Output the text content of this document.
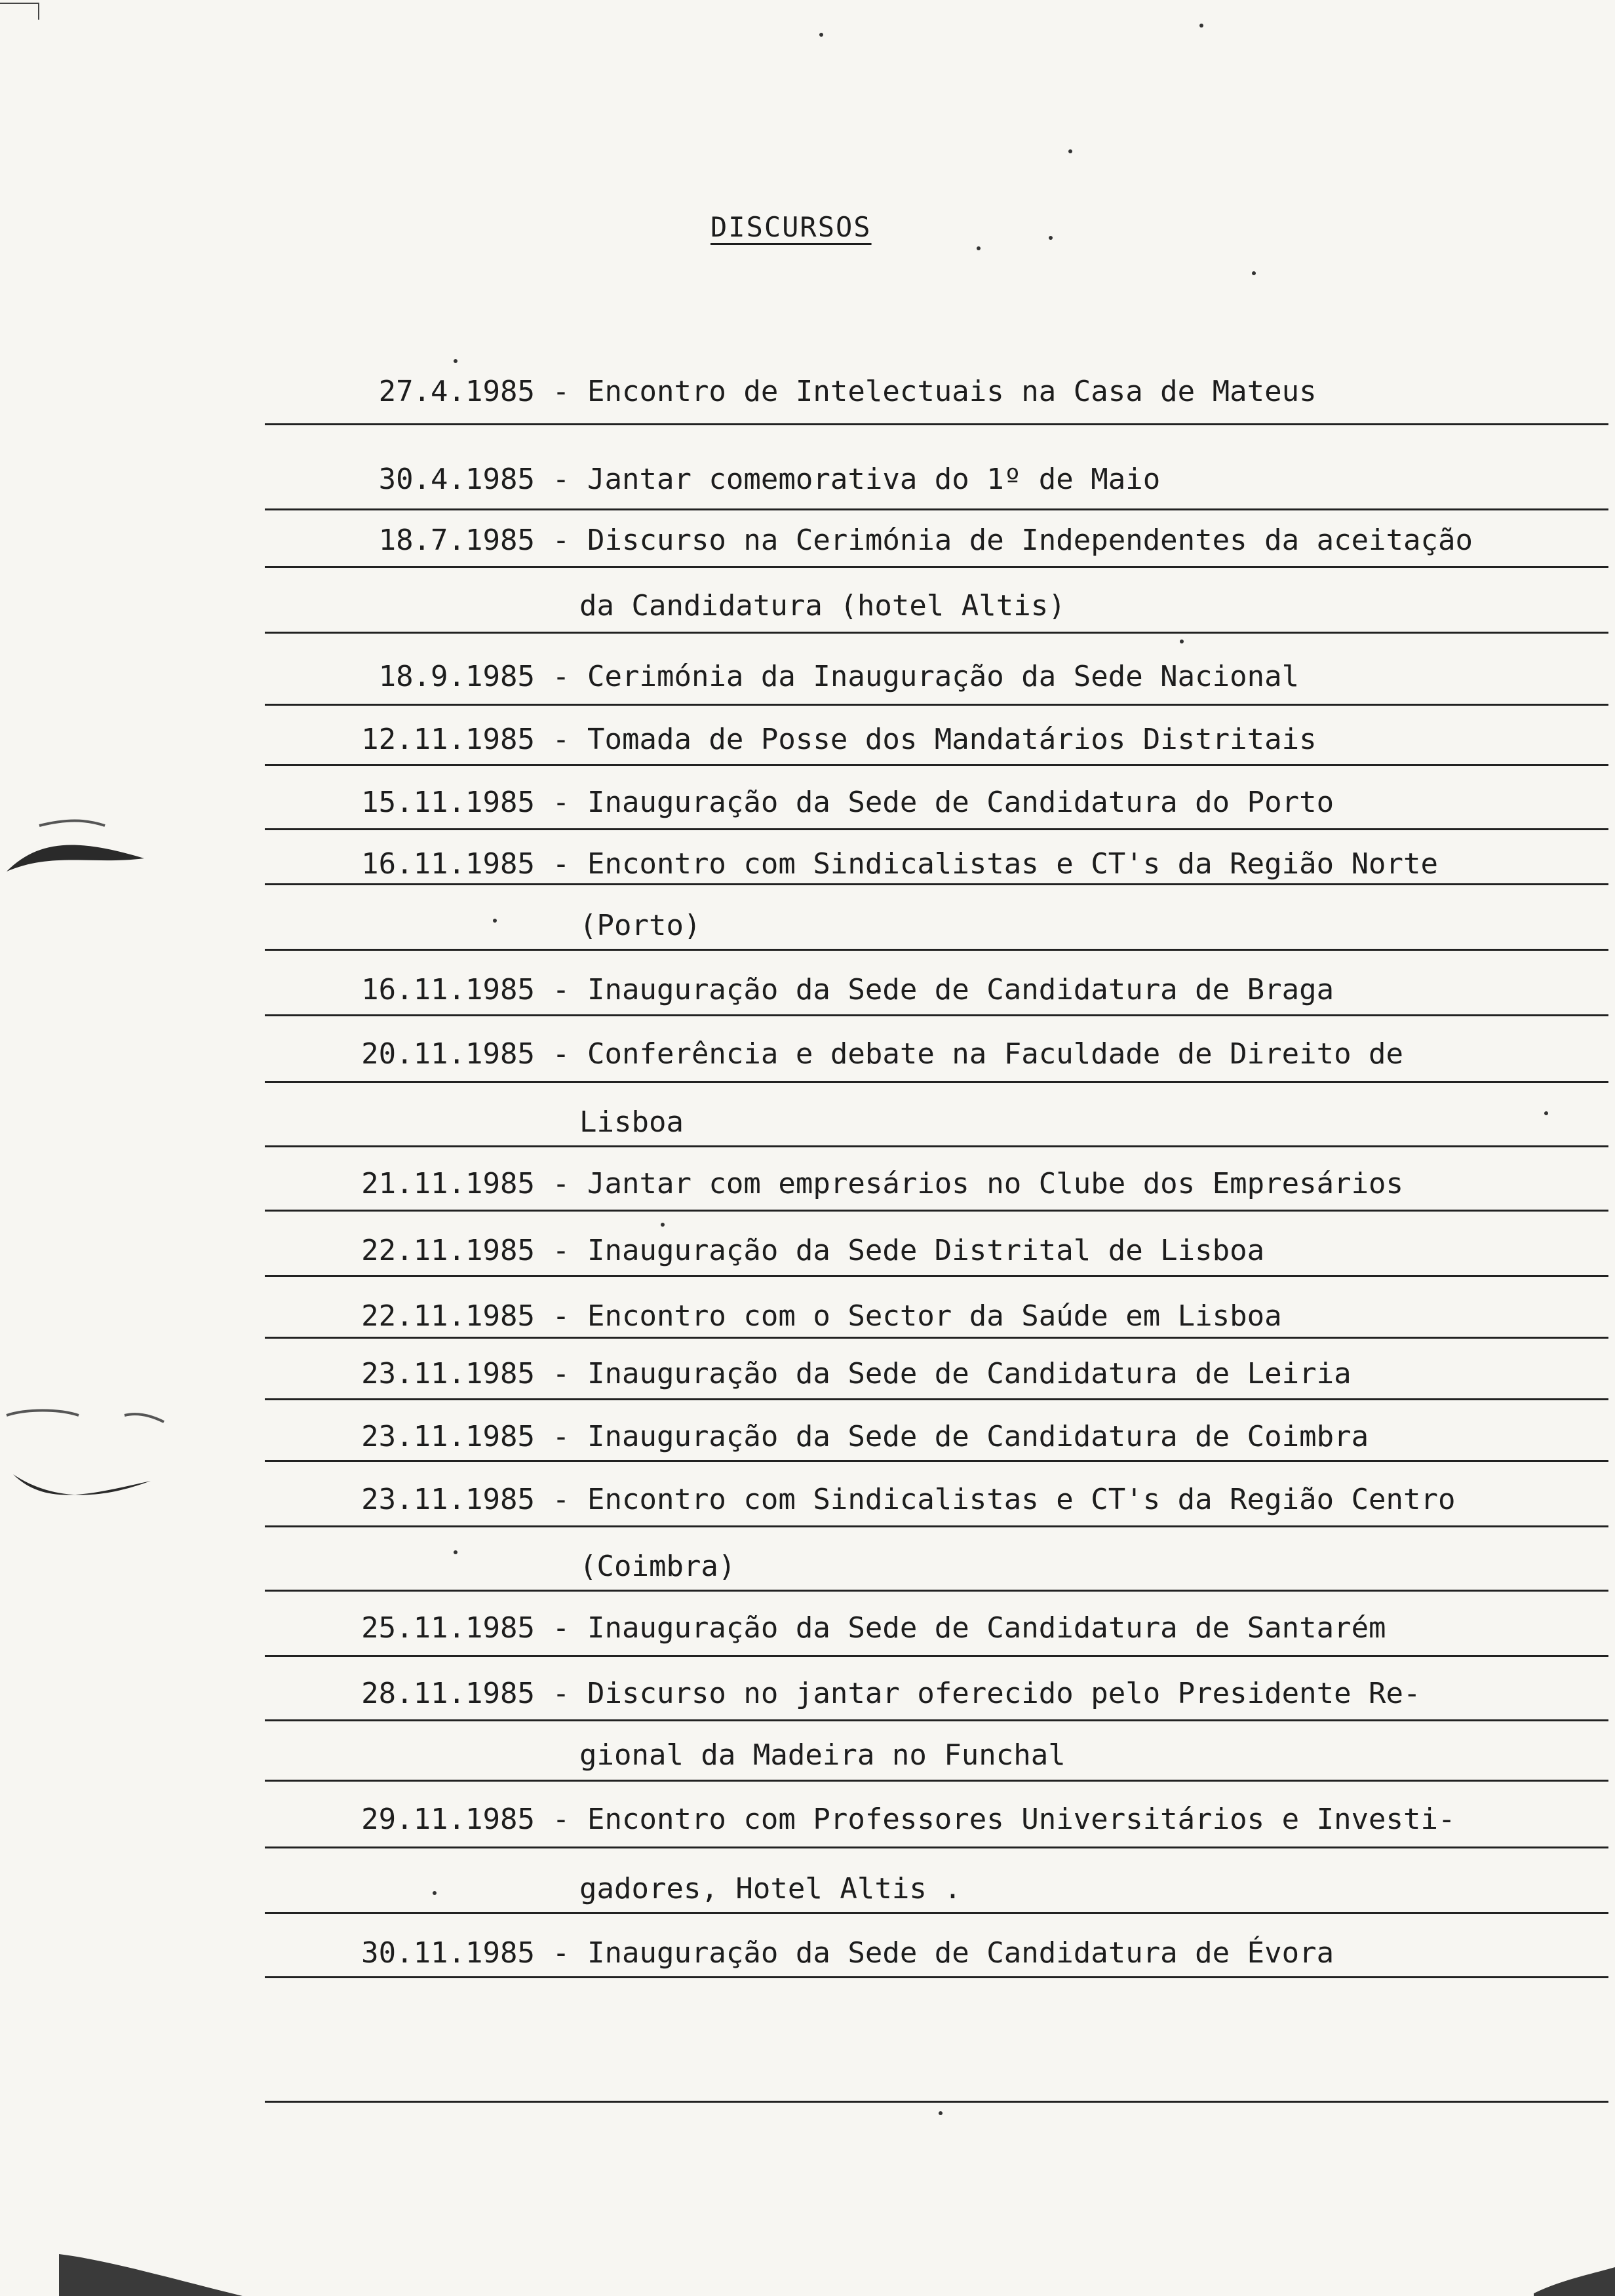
DISCURSOS
27.4.1985 - Encontro de Intelectuais na Casa de Mateus
30.4.1985 - Jantar comemorativa do 1º de Maio
18.7.1985 - Discurso na Cerimónia de Independentes da aceitação
da Candidatura (hotel Altis)
18.9.1985 - Cerimónia da Inauguração da Sede Nacional
12.11.1985 - Tomada de Posse dos Mandatários Distritais
15.11.1985 - Inauguração da Sede de Candidatura do Porto
16.11.1985 - Encontro com Sindicalistas e CT's da Região Norte
(Porto)
16.11.1985 - Inauguração da Sede de Candidatura de Braga
20.11.1985 - Conferência e debate na Faculdade de Direito de
Lisboa
21.11.1985 - Jantar com empresários no Clube dos Empresários
22.11.1985 - Inauguração da Sede Distrital de Lisboa
22.11.1985 - Encontro com o Sector da Saúde em Lisboa
23.11.1985 - Inauguração da Sede de Candidatura de Leiria
23.11.1985 - Inauguração da Sede de Candidatura de Coimbra
23.11.1985 - Encontro com Sindicalistas e CT's da Região Centro
(Coimbra)
25.11.1985 - Inauguração da Sede de Candidatura de Santarém
28.11.1985 - Discurso no jantar oferecido pelo Presidente Re-
gional da Madeira no Funchal
29.11.1985 - Encontro com Professores Universitários e Investi-
gadores, Hotel Altis .
30.11.1985 - Inauguração da Sede de Candidatura de Évora
